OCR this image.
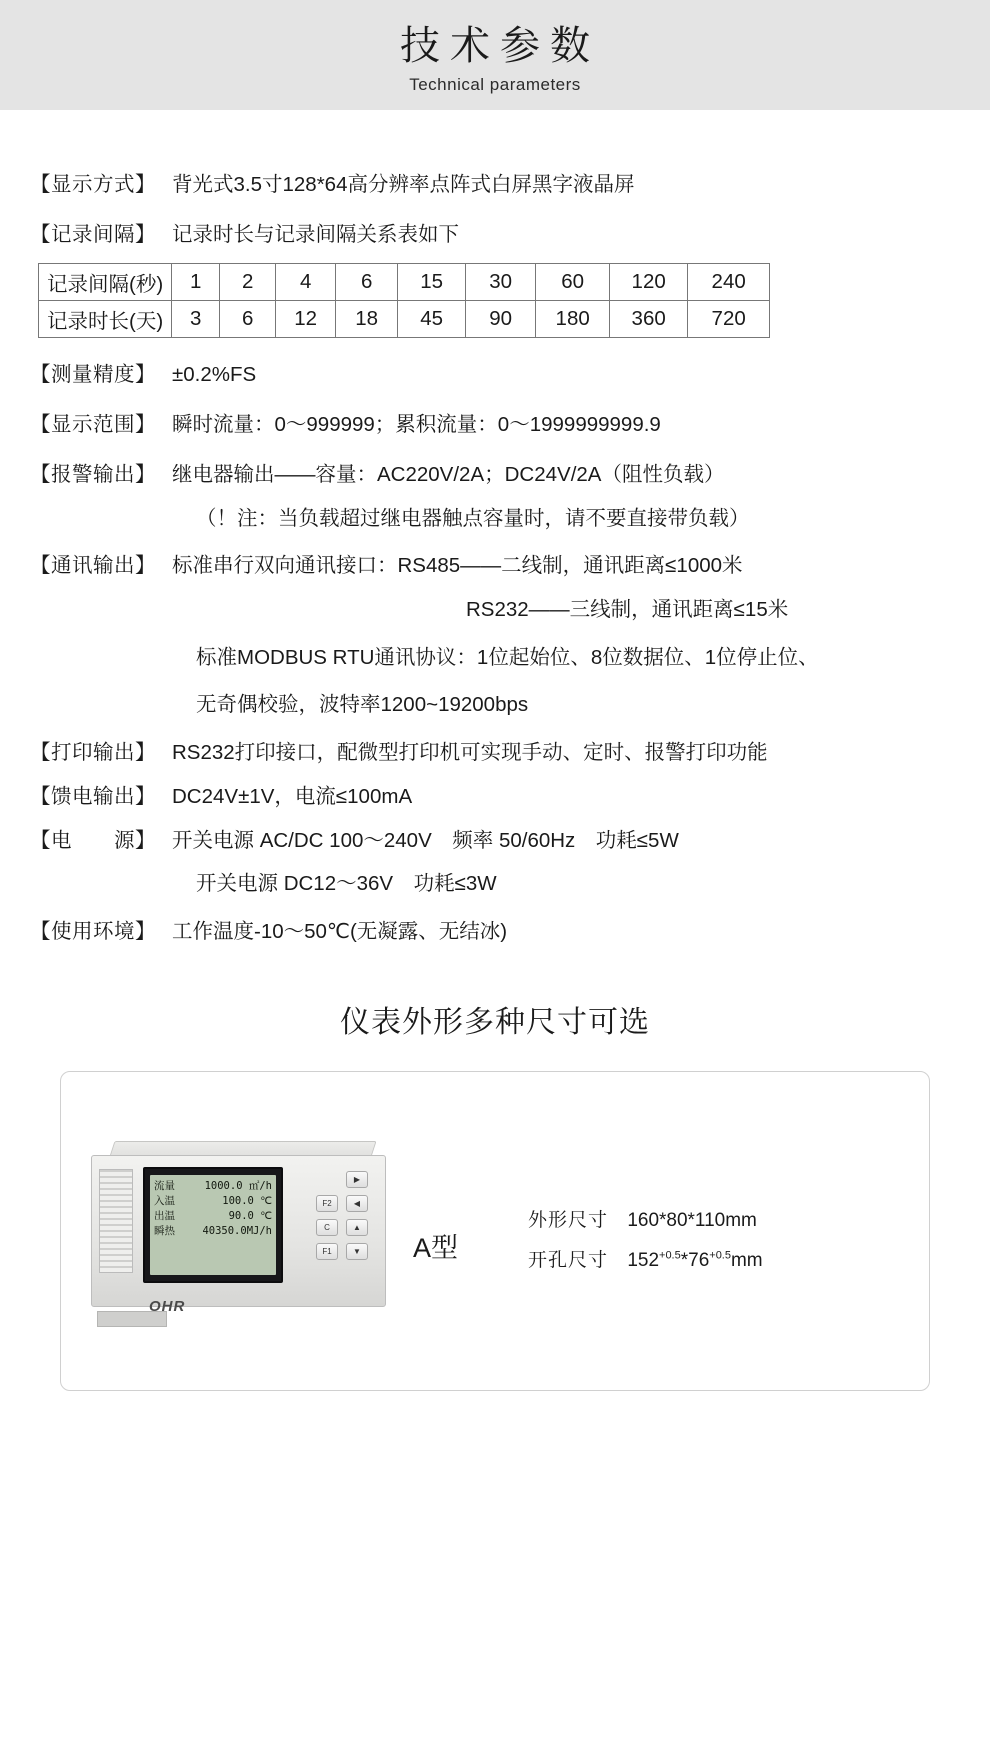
技术参数
Technical parameters
【显示方式】 背光式3.5寸128*64高分辨率点阵式白屏黑字液晶屏
【记录间隔】 记录时长与记录间隔关系表如下
记录间隔(秒)	1	2	4	6	15	30	60	120	240
记录时长(天)	3	6	12	18	45	90	180	360	720
【测量精度】 ±0.2%FS
【显示范围】 瞬时流量：0～999999；累积流量：0～1999999999.9
【报警输出】 继电器输出——容量：AC220V/2A；DC24V/2A（阻性负载）
（！注：当负载超过继电器触点容量时，请不要直接带负载）
【通讯输出】 标准串行双向通讯接口：RS485——二线制，通讯距离≤1000米
RS232——三线制，通讯距离≤15米
标准MODBUS RTU通讯协议：1位起始位、8位数据位、1位停止位、
无奇偶校验，波特率1200~19200bps
【打印输出】 RS232打印接口，配微型打印机可实现手动、定时、报警打印功能
【馈电输出】 DC24V±1V，电流≤100mA
【电　　源】 开关电源 AC/DC 100～240V　频率 50/60Hz　功耗≤5W
开关电源 DC12～36V　功耗≤3W
【使用环境】 工作温度-10～50℃(无凝露、无结冰)
仪表外形多种尺寸可选
流量	1000.0 ㎡/h
入温	100.0 ℃
出温	90.0 ℃
瞬热	40350.0MJ/h
▶
F2	◀
C	▲
F1	▼
OHR
A型
外形尺寸 160*80*110mm
开孔尺寸 $152^{+0.5}*76^{+0.5}mm$
